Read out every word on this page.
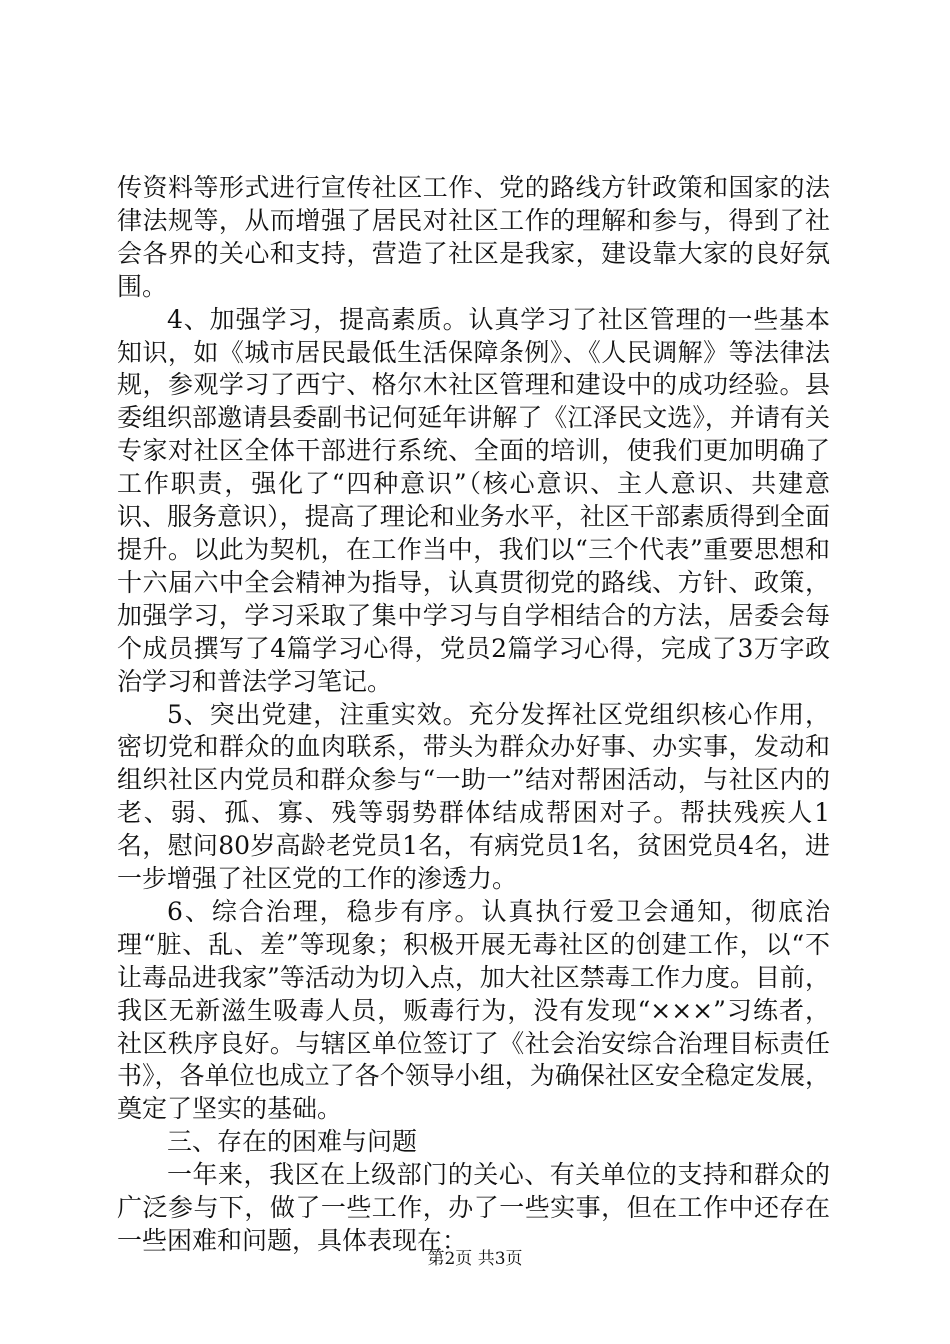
传资料等形式进行宣传社区工作、党的路线方针政策和国家的法律法规等，从而增强了居民对社区工作的理解和参与，得到了社会各界的关心和支持，营造了社区是我家，建设靠大家的良好氛围。

4、加强学习，提高素质。认真学习了社区管理的一些基本知识，如《城市居民最低生活保障条例》、《人民调解》等法律法规，参观学习了西宁、格尔木社区管理和建设中的成功经验。县委组织部邀请县委副书记何延年讲解了《江泽民文选》，并请有关专家对社区全体干部进行系统、全面的培训，使我们更加明确了工作职责，强化了“四种意识”（核心意识、主人意识、共建意识、服务意识），提高了理论和业务水平，社区干部素质得到全面提升。以此为契机，在工作当中，我们以“三个代表”重要思想和十六届六中全会精神为指导，认真贯彻党的路线、方针、政策，加强学习，学习采取了集中学习与自学相结合的方法，居委会每个成员撰写了4篇学习心得，党员2篇学习心得，完成了3万字政治学习和普法学习笔记。

5、突出党建，注重实效。充分发挥社区党组织核心作用，密切党和群众的血肉联系，带头为群众办好事、办实事，发动和组织社区内党员和群众参与“一助一”结对帮困活动，与社区内的老、弱、孤、寡、残等弱势群体结成帮困对子。帮扶残疾人1名，慰问80岁高龄老党员1名，有病党员1名，贫困党员4名，进一步增强了社区党的工作的渗透力。

6、综合治理，稳步有序。认真执行爱卫会通知，彻底治理“脏、乱、差”等现象；积极开展无毒社区的创建工作，以“不让毒品进我家”等活动为切入点，加大社区禁毒工作力度。目前，我区无新滋生吸毒人员，贩毒行为，没有发现“×××”习练者，社区秩序良好。与辖区单位签订了《社会治安综合治理目标责任书》，各单位也成立了各个领导小组，为确保社区安全稳定发展，奠定了坚实的基础。

三、存在的困难与问题

一年来，我区在上级部门的关心、有关单位的支持和群众的广泛参与下，做了一些工作，办了一些实事，但在工作中还存在一些困难和问题，具体表现在：

第2页 共3页
